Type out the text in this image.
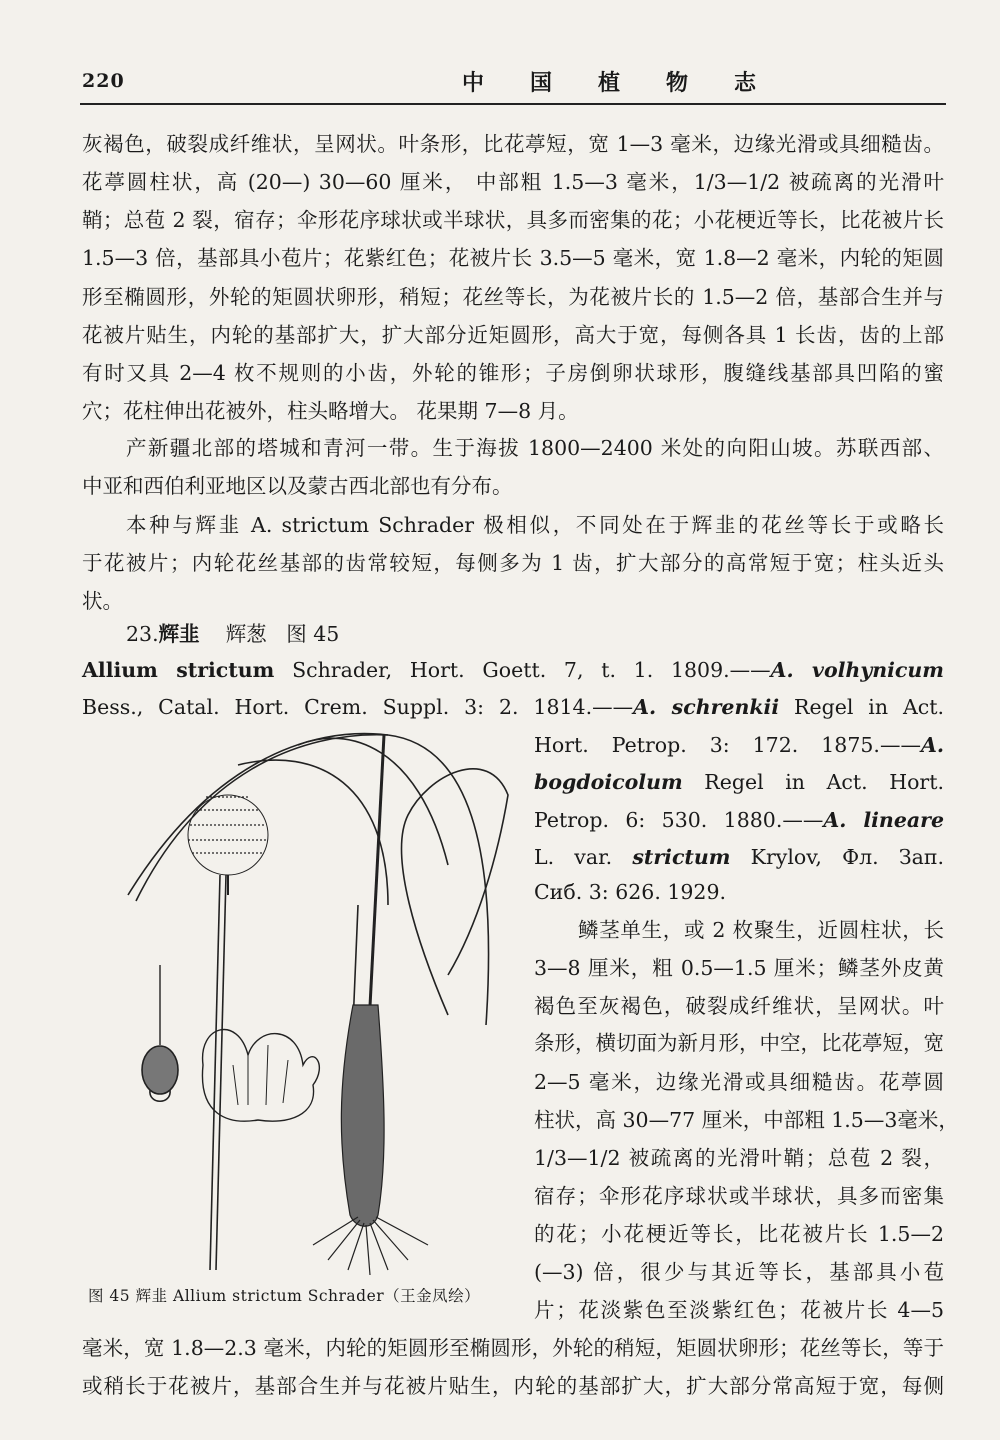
220	中国植物志
灰褐色，破裂成纤维状，呈网状。叶条形，比花葶短，宽 1—3 毫米，边缘光滑或具细糙齿。
花葶圆柱状，高 (20—) 30—60 厘米， 中部粗 1.5—3 毫米，1/3—1/2 被疏离的光滑叶
鞘；总苞 2 裂，宿存；伞形花序球状或半球状，具多而密集的花；小花梗近等长，比花被片长
1.5—3 倍，基部具小苞片；花紫红色；花被片长 3.5—5 毫米，宽 1.8—2 毫米，内轮的矩圆
形至椭圆形，外轮的矩圆状卵形，稍短；花丝等长，为花被片长的 1.5—2 倍，基部合生并与
花被片贴生，内轮的基部扩大，扩大部分近矩圆形，高大于宽，每侧各具 1 长齿，齿的上部
有时又具 2—4 枚不规则的小齿，外轮的锥形；子房倒卵状球形，腹缝线基部具凹陷的蜜
穴；花柱伸出花被外，柱头略增大。 花果期 7—8 月。
产新疆北部的塔城和青河一带。生于海拔 1800—2400 米处的向阳山坡。苏联西部、
中亚和西伯利亚地区以及蒙古西北部也有分布。
本种与辉韭 A. strictum Schrader 极相似，不同处在于辉韭的花丝等长于或略长
于花被片；内轮花丝基部的齿常较短，每侧多为 1 齿，扩大部分的高常短于宽；柱头近头
状。
23.辉韭 辉葱 图 45
Allium strictum Schrader, Hort. Goett. 7, t. 1. 1809.——A. volhynicum
Bess., Catal. Hort. Crem. Suppl. 3: 2. 1814.——A. schrenkii Regel in Act.
Hort. Petrop. 3: 172. 1875.——A.
bogdoicolum Regel in Act. Hort.
Petrop. 6: 530. 1880.——A. lineare
L. var. strictum Krylov, Фл. Зап.
Сиб. 3: 626. 1929.
鳞茎单生，或 2 枚聚生，近圆柱状，长
3—8 厘米，粗 0.5—1.5 厘米；鳞茎外皮黄
褐色至灰褐色，破裂成纤维状，呈网状。叶
条形，横切面为新月形，中空，比花葶短，宽
2—5 毫米，边缘光滑或具细糙齿。花葶圆
柱状，高 30—77 厘米，中部粗 1.5—3毫米，
1/3—1/2 被疏离的光滑叶鞘；总苞 2 裂，
宿存；伞形花序球状或半球状，具多而密集
的花；小花梗近等长，比花被片长 1.5—2
(—3) 倍，很少与其近等长，基部具小苞
片；花淡紫色至淡紫红色；花被片长 4—5
图 45 辉韭 Allium strictum Schrader（王金凤绘）
毫米，宽 1.8—2.3 毫米，内轮的矩圆形至椭圆形，外轮的稍短，矩圆状卵形；花丝等长，等于
或稍长于花被片，基部合生并与花被片贴生，内轮的基部扩大，扩大部分常高短于宽，每侧
